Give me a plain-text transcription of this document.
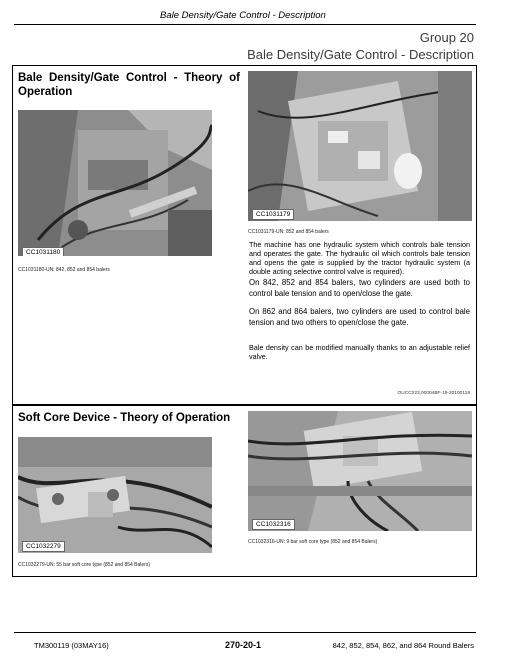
Bale Density/Gate Control - Description
Group 20
Bale Density/Gate Control - Description
Bale Density/Gate Control - Theory of Operation
CC1031180
CC1031180-UN: 842, 852 and 854 balers
CC1031179
CC1031179-UN: 852 and 854 balers
The machine has one hydraulic system which controls bale tension and operates the gate. The hydraulic oil which controls bale tension and opens the gate is supplied by the tractor hydraulic system (a double acting selective control valve is required).
On 842, 852 and 854 balers, two cylinders are used both to control bale tension and to open/close the gate.
On 862 and 864 balers, two cylinders are used to control bale tension and two others to open/close the gate.
Bale density can be modified manually thanks to an adjustable relief valve.
OUCC223,00004BF-19-20100118
Soft Core Device - Theory of Operation
CC1032279
CC1032279-UN: 55 bar soft core type (852 and 854 Balers)
CC1032316
CC1032316-UN: 9 bar soft core type (852 and 854 Balers)
TM300119 (03MAY16)	270-20-1	842, 852, 854, 862, and 864 Round Balers
